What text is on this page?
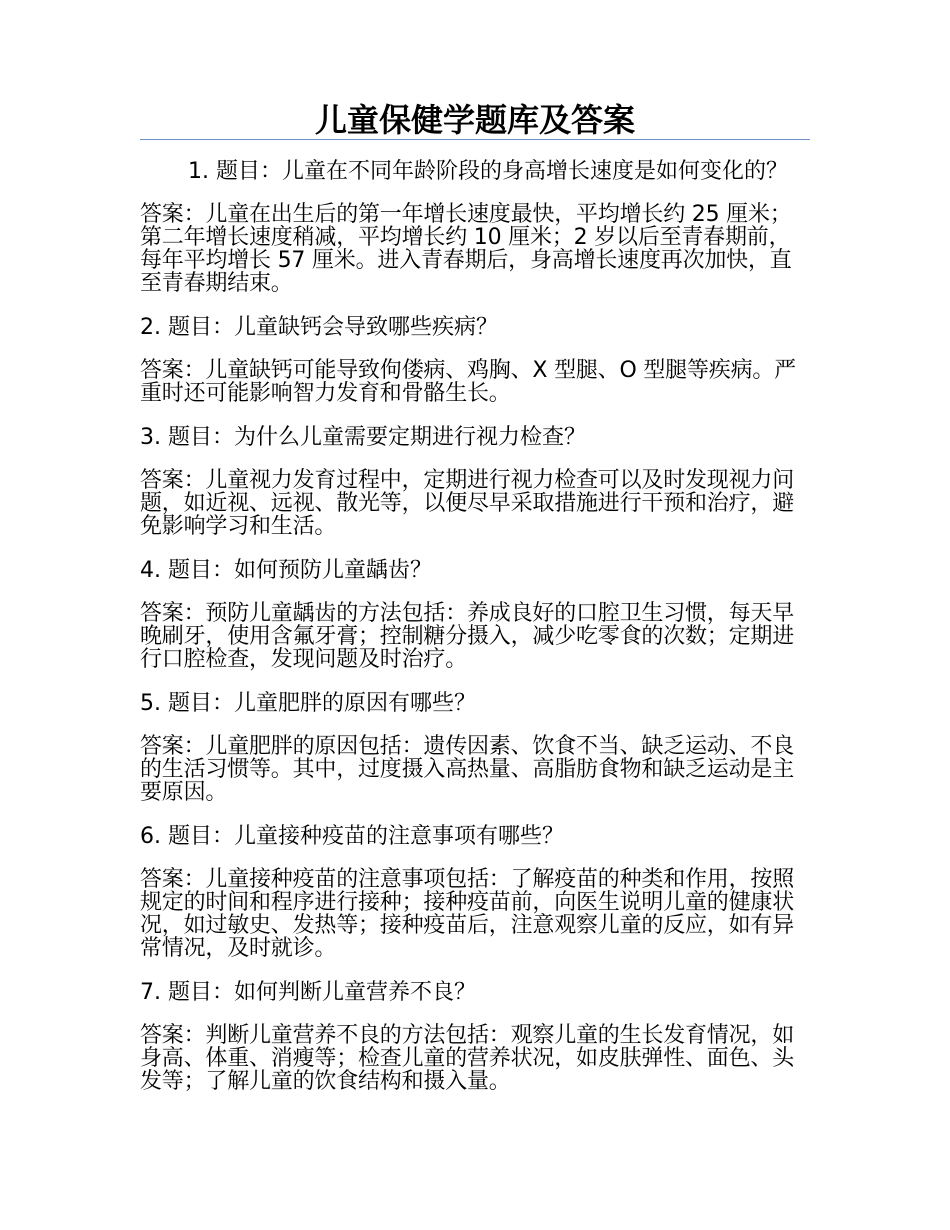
儿童保健学题库及答案

1. 题目：儿童在不同年龄阶段的身高增长速度是如何变化的？

答案：儿童在出生后的第一年增长速度最快，平均增长约 25 厘米；第二年增长速度稍减，平均增长约 10 厘米；2 岁以后至青春期前，每年平均增长 57 厘米。进入青春期后，身高增长速度再次加快，直至青春期结束。

2. 题目：儿童缺钙会导致哪些疾病？

答案：儿童缺钙可能导致佝偻病、鸡胸、X 型腿、O 型腿等疾病。严重时还可能影响智力发育和骨骼生长。

3. 题目：为什么儿童需要定期进行视力检查？

答案：儿童视力发育过程中，定期进行视力检查可以及时发现视力问题，如近视、远视、散光等，以便尽早采取措施进行干预和治疗，避免影响学习和生活。

4. 题目：如何预防儿童龋齿？

答案：预防儿童龋齿的方法包括：养成良好的口腔卫生习惯，每天早晚刷牙，使用含氟牙膏；控制糖分摄入，减少吃零食的次数；定期进行口腔检查，发现问题及时治疗。

5. 题目：儿童肥胖的原因有哪些？

答案：儿童肥胖的原因包括：遗传因素、饮食不当、缺乏运动、不良的生活习惯等。其中，过度摄入高热量、高脂肪食物和缺乏运动是主要原因。

6. 题目：儿童接种疫苗的注意事项有哪些？

答案：儿童接种疫苗的注意事项包括：了解疫苗的种类和作用，按照规定的时间和程序进行接种；接种疫苗前，向医生说明儿童的健康状况，如过敏史、发热等；接种疫苗后，注意观察儿童的反应，如有异常情况，及时就诊。

7. 题目：如何判断儿童营养不良？

答案：判断儿童营养不良的方法包括：观察儿童的生长发育情况，如身高、体重、消瘦等；检查儿童的营养状况，如皮肤弹性、面色、头发等；了解儿童的饮食结构和摄入量。
